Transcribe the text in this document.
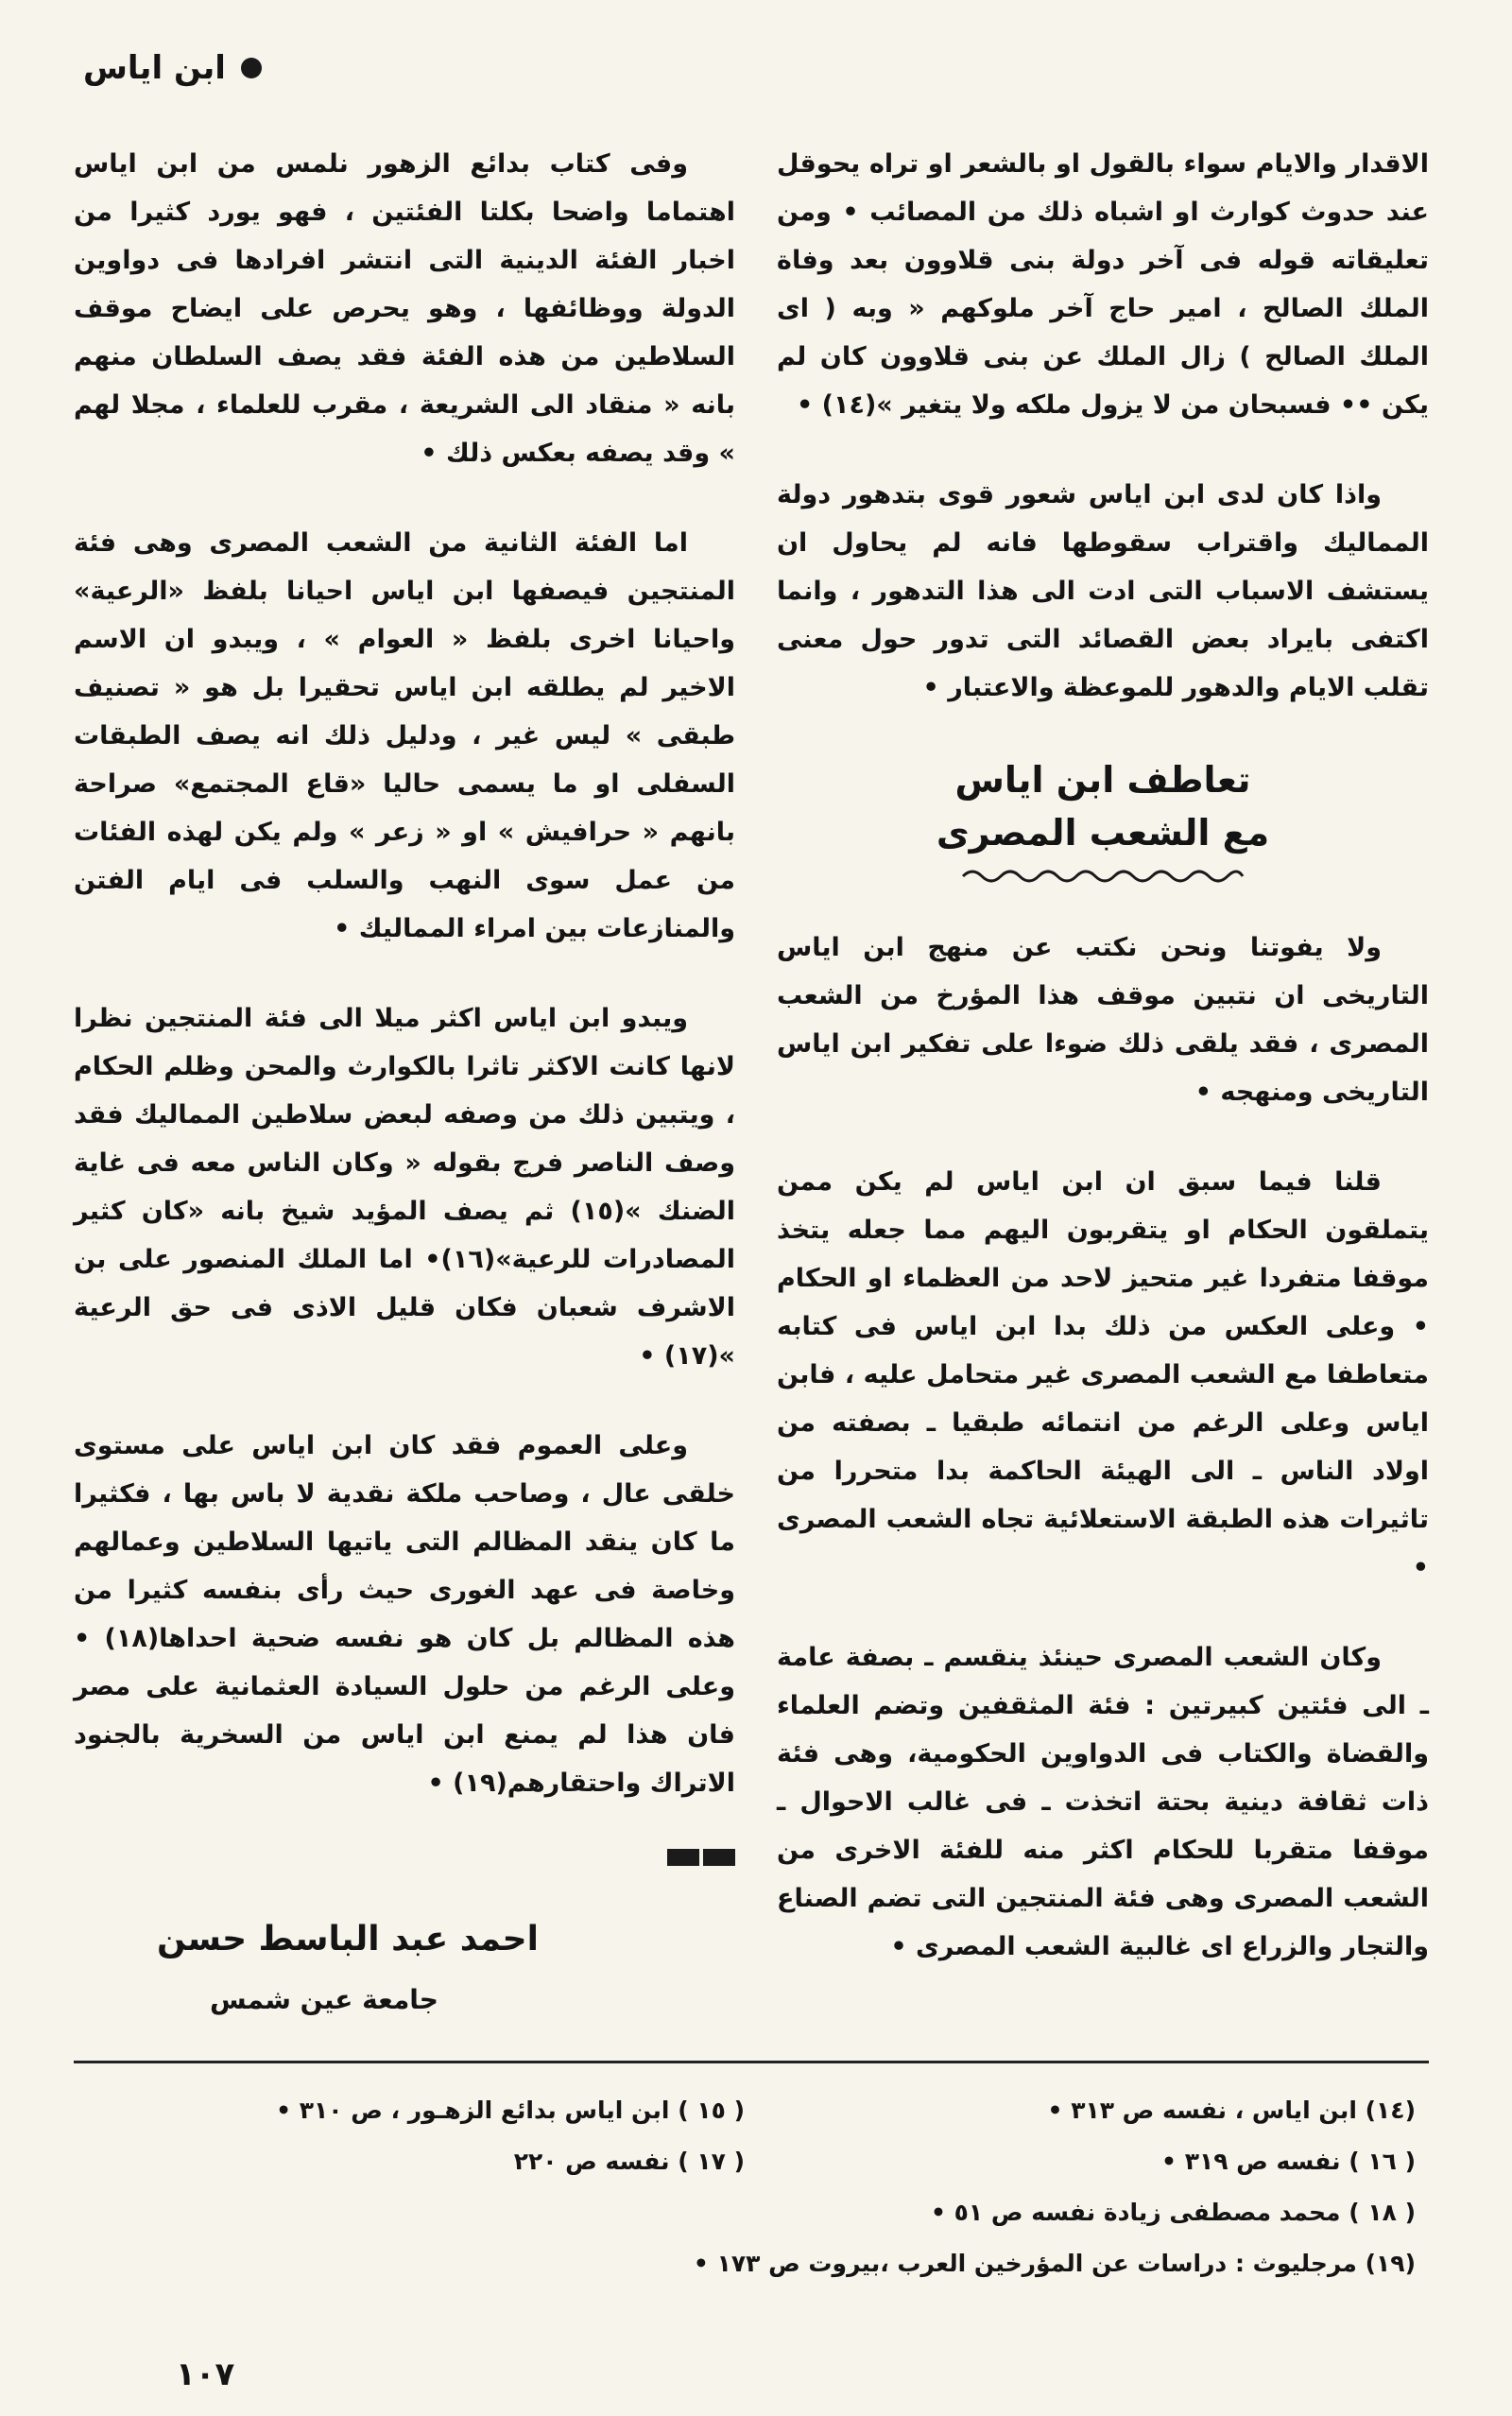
ابن اياس

الاقدار والايام سواء بالقول او بالشعر او تراه يحوقل عند حدوث كوارث او اشباه ذلك من المصائب • ومن تعليقاته قوله فى آخر دولة بنى قلاوون بعد وفاة الملك الصالح ، امير حاج آخر ملوكهم « وبه ( اى الملك الصالح ) زال الملك عن بنى قلاوون كان لم يكن •• فسبحان من لا يزول ملكه ولا يتغير »(١٤) •

واذا كان لدى ابن اياس شعور قوى بتدهور دولة المماليك واقتراب سقوطها فانه لم يحاول ان يستشف الاسباب التى ادت الى هذا التدهور ، وانما اكتفى بايراد بعض القصائد التى تدور حول معنى تقلب الايام والدهور للموعظة والاعتبار •

تعاطف ابن اياس
مع الشعب المصرى

ولا يفوتنا ونحن نكتب عن منهج ابن اياس التاريخى ان نتبين موقف هذا المؤرخ من الشعب المصرى ، فقد يلقى ذلك ضوءا على تفكير ابن اياس التاريخى ومنهجه •

قلنا فيما سبق ان ابن اياس لم يكن ممن يتملقون الحكام او يتقربون اليهم مما جعله يتخذ موقفا متفردا غير متحيز لاحد من العظماء او الحكام • وعلى العكس من ذلك بدا ابن اياس فى كتابه متعاطفا مع الشعب المصرى غير متحامل عليه ، فابن اياس وعلى الرغم من انتمائه طبقيا ـ بصفته من اولاد الناس ـ الى الهيئة الحاكمة بدا متحررا من تاثيرات هذه الطبقة الاستعلائية تجاه الشعب المصرى •

وكان الشعب المصرى حينئذ ينقسم ـ بصفة عامة ـ الى فئتين كبيرتين : فئة المثقفين وتضم العلماء والقضاة والكتاب فى الدواوين الحكومية، وهى فئة ذات ثقافة دينية بحتة اتخذت ـ فى غالب الاحوال ـ موقفا متقربا للحكام اكثر منه للفئة الاخرى من الشعب المصرى وهى فئة المنتجين التى تضم الصناع والتجار والزراع اى غالبية الشعب المصرى •

وفى كتاب بدائع الزهور نلمس من ابن اياس اهتماما واضحا بكلتا الفئتين ، فهو يورد كثيرا من اخبار الفئة الدينية التى انتشر افرادها فى دواوين الدولة ووظائفها ، وهو يحرص على ايضاح موقف السلاطين من هذه الفئة فقد يصف السلطان منهم بانه « منقاد الى الشريعة ، مقرب للعلماء ، مجلا لهم » وقد يصفه بعكس ذلك •

اما الفئة الثانية من الشعب المصرى وهى فئة المنتجين فيصفها ابن اياس احيانا بلفظ «الرعية» واحيانا اخرى بلفظ « العوام » ، ويبدو ان الاسم الاخير لم يطلقه ابن اياس تحقيرا بل هو « تصنيف طبقى » ليس غير ، ودليل ذلك انه يصف الطبقات السفلى او ما يسمى حاليا «قاع المجتمع» صراحة بانهم « حرافيش » او « زعر » ولم يكن لهذه الفئات من عمل سوى النهب والسلب فى ايام الفتن والمنازعات بين امراء المماليك •

ويبدو ابن اياس اكثر ميلا الى فئة المنتجين نظرا لانها كانت الاكثر تاثرا بالكوارث والمحن وظلم الحكام ، ويتبين ذلك من وصفه لبعض سلاطين المماليك فقد وصف الناصر فرج بقوله « وكان الناس معه فى غاية الضنك »(١٥) ثم يصف المؤيد شيخ بانه «كان كثير المصادرات للرعية»(١٦)• اما الملك المنصور على بن الاشرف شعبان فكان قليل الاذى فى حق الرعية »(١٧) •

وعلى العموم فقد كان ابن اياس على مستوى خلقى عال ، وصاحب ملكة نقدية لا باس بها ، فكثيرا ما كان ينقد المظالم التى ياتيها السلاطين وعمالهم وخاصة فى عهد الغورى حيث رأى بنفسه كثيرا من هذه المظالم بل كان هو نفسه ضحية احداها(١٨) • وعلى الرغم من حلول السيادة العثمانية على مصر فان هذا لم يمنع ابن اياس من السخرية بالجنود الاتراك واحتقارهم(١٩) •

احمد عبد الباسط حسن
جامعة عين شمس
(١٤) ابن اياس ، نفسه ص ٣١٣ •
( ١٥ ) ابن اياس بدائع الزهـور ، ص ٣١٠ •
( ١٦ ) نفسه ص ٣١٩ •
( ١٧ ) نفسه ص ٢٢٠
( ١٨ ) محمد مصطفى زيادة نفسه ص ٥١ •
(١٩) مرجليوث : دراسات عن المؤرخين العرب ،بيروت ص ١٧٣ •
١٠٧
